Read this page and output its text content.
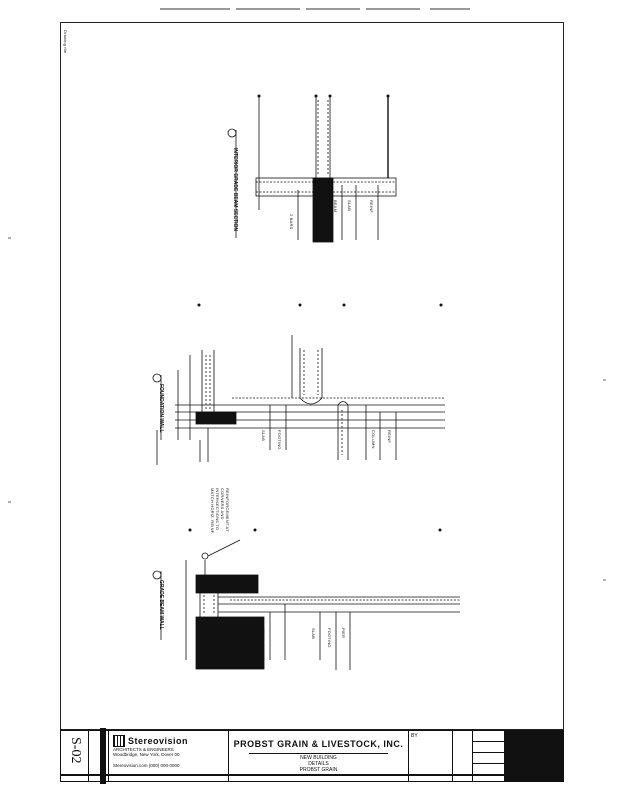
Drawing file
INTERIOR GRADE BEAM SECTION
FOUNDATION WALL
GRADE BEAM WALL
2 BARS
BEAM SLAB	REINF
SLAB	FOOTING	COLUMN	REINF
REINF AT FOOTING	SLAB	FOOTING PIER
REINFORCEMENT AT
CORNERS AND
INTERSECTIONS TO
MATCH HORIZ. REINF.
S-02	Stereovision
ARCHITECTS & ENGINEERS
Woodbridge, New York, Dover 00
Stereovision.com (000) 000-0000
PROBST GRAIN & LIVESTOCK, INC.
NEW BUILDING
DETAILS
PROBST GRAIN
BY
